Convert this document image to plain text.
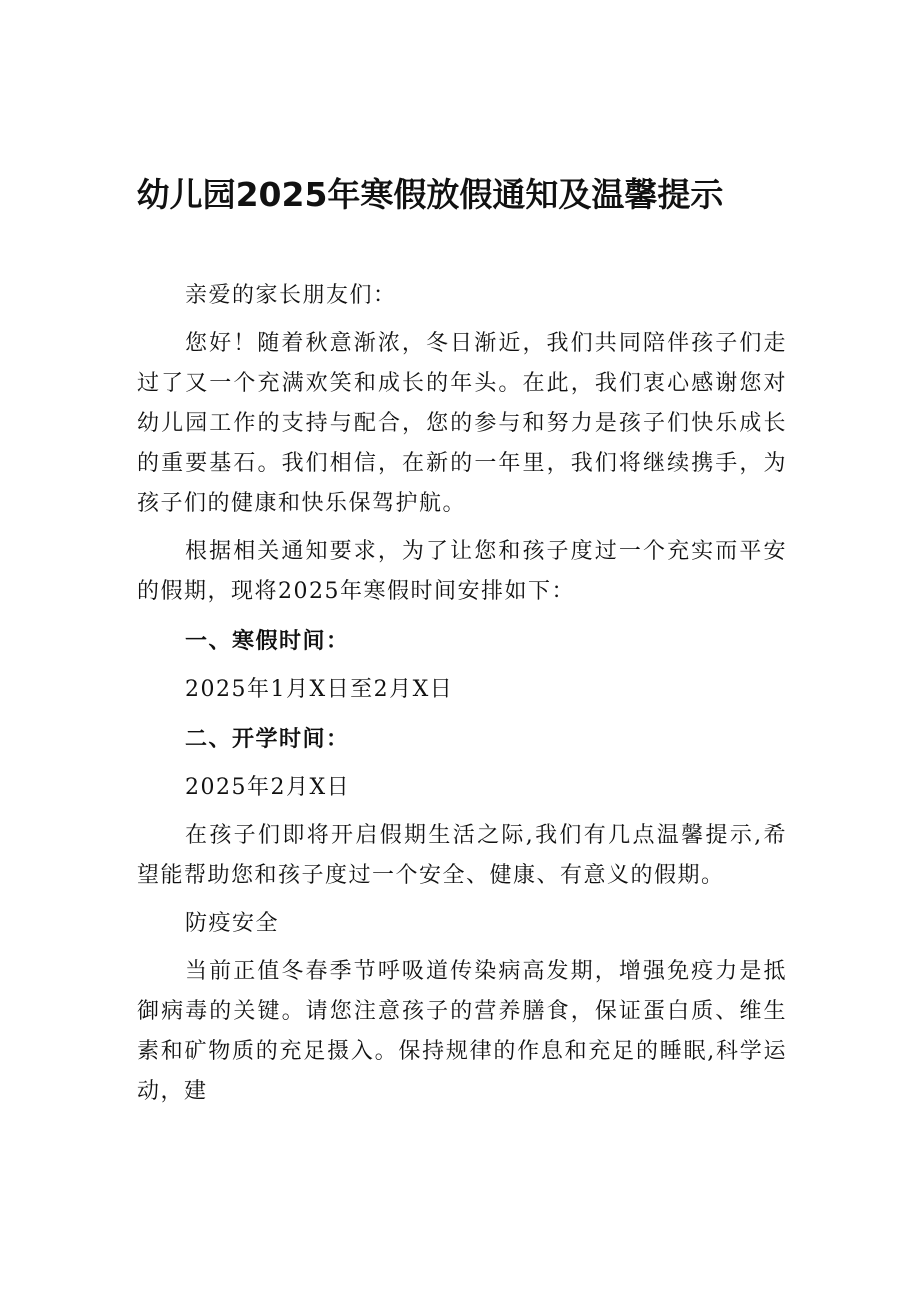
幼儿园2025年寒假放假通知及温馨提示

亲爱的家长朋友们：

您好！随着秋意渐浓，冬日渐近，我们共同陪伴孩子们走过了又一个充满欢笑和成长的年头。在此，我们衷心感谢您对幼儿园工作的支持与配合，您的参与和努力是孩子们快乐成长的重要基石。我们相信，在新的一年里，我们将继续携手，为孩子们的健康和快乐保驾护航。

根据相关通知要求，为了让您和孩子度过一个充实而平安的假期，现将2025年寒假时间安排如下：

一、寒假时间：

2025年1月X日至2月X日

二、开学时间：

2025年2月X日

在孩子们即将开启假期生活之际,我们有几点温馨提示,希望能帮助您和孩子度过一个安全、健康、有意义的假期。

防疫安全

当前正值冬春季节呼吸道传染病高发期，增强免疫力是抵御病毒的关键。请您注意孩子的营养膳食，保证蛋白质、维生素和矿物质的充足摄入。保持规律的作息和充足的睡眠,科学运动，建
